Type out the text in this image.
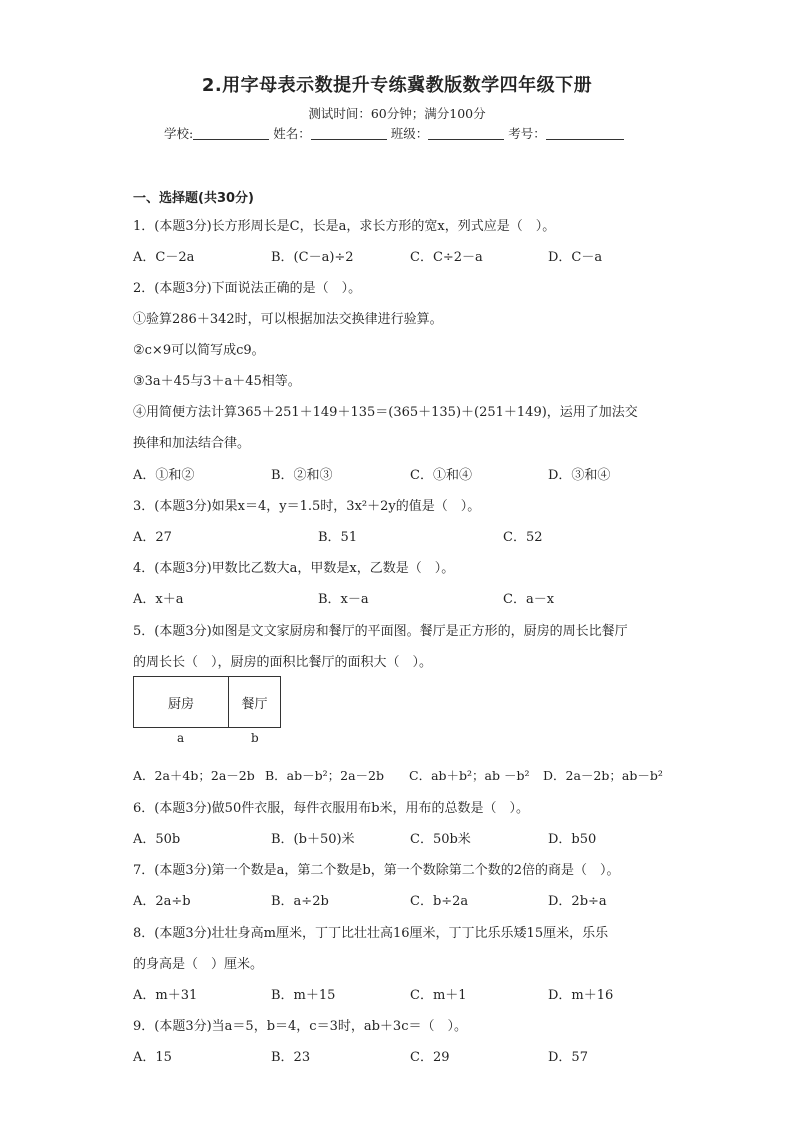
2.用字母表示数提升专练冀教版数学四年级下册
测试时间：60分钟；满分100分
学校:	姓名：	班级：	考号：
一、选择题(共30分)
1．(本题3分)长方形周长是C，长是a，求长方形的宽x，列式应是（　）。
A．C－2a	B．(C－a)÷2	C．C÷2－a	D．C－a
2．(本题3分)下面说法正确的是（　）。
①验算286＋342时，可以根据加法交换律进行验算。
②c×9可以简写成c9。
③3a＋45与3＋a＋45相等。
④用简便方法计算365＋251＋149＋135＝(365＋135)＋(251＋149)，运用了加法交
换律和加法结合律。
A．①和②	B．②和③	C．①和④	D．③和④
3．(本题3分)如果x＝4，y＝1.5时，3x²＋2y的值是（　）。
A．27	B．51	C．52
4．(本题3分)甲数比乙数大a，甲数是x，乙数是（　）。
A．x＋a	B．x－a	C．a－x
5．(本题3分)如图是文文家厨房和餐厅的平面图。餐厅是正方形的，厨房的周长比餐厅
的周长长（　），厨房的面积比餐厅的面积大（　）。
厨房	餐厅
a	b
A．2a＋4b；2a－2b B．ab－b²；2a－2b C．ab＋b²；ab －b² D．2a－2b；ab－b²
6．(本题3分)做50件衣服，每件衣服用布b米，用布的总数是（　）。
A．50b	B．(b＋50)米	C．50b米	D．b50
7．(本题3分)第一个数是a，第二个数是b，第一个数除第二个数的2倍的商是（　）。
A．2a÷b	B．a÷2b	C．b÷2a	D．2b÷a
8．(本题3分)壮壮身高m厘米，丁丁比壮壮高16厘米，丁丁比乐乐矮15厘米，乐乐
的身高是（　）厘米。
A．m＋31	B．m＋15	C．m＋1	D．m＋16
9．(本题3分)当a＝5，b＝4，c＝3时，ab＋3c＝（　）。
A．15	B．23	C．29	D．57
